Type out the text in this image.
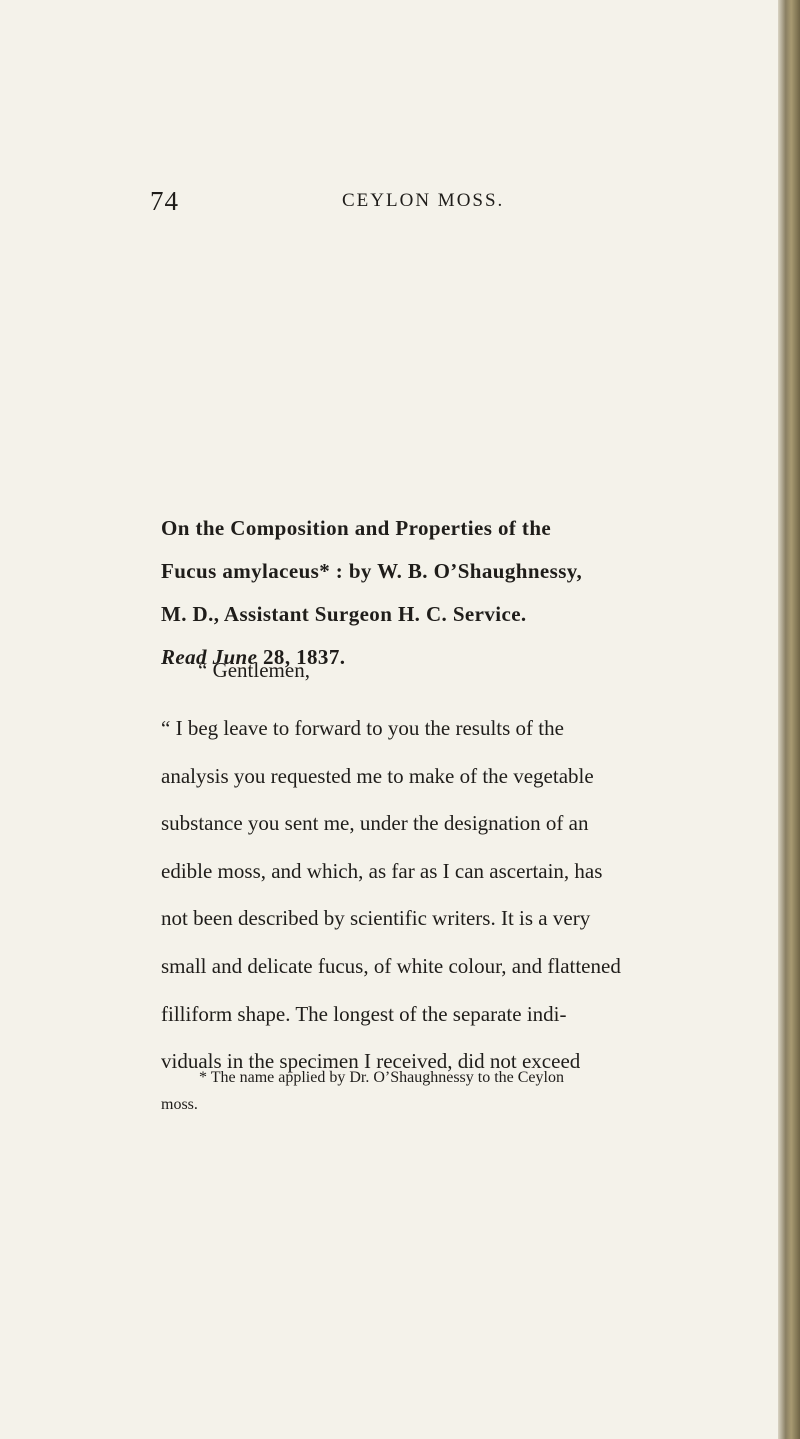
74	CEYLON MOSS.
On the Composition and Properties of the
Fucus amylaceus* : by W. B. O’Shaughnessy,
M. D., Assistant Surgeon H. C. Service.
Read June
28, 1837.
“ Gentlemen,
“ I beg leave to forward to you the results of the
analysis you requested me to make of the vegetable
substance you sent me, under the designation of an
edible moss, and which, as far as I can ascertain, has
not been described by scientific writers. It is a very
small and delicate fucus, of white colour, and flattened
filliform shape. The longest of the separate indi-
viduals in the specimen I received, did not exceed
* The name applied by Dr. O’Shaughnessy to the Ceylon
moss.
